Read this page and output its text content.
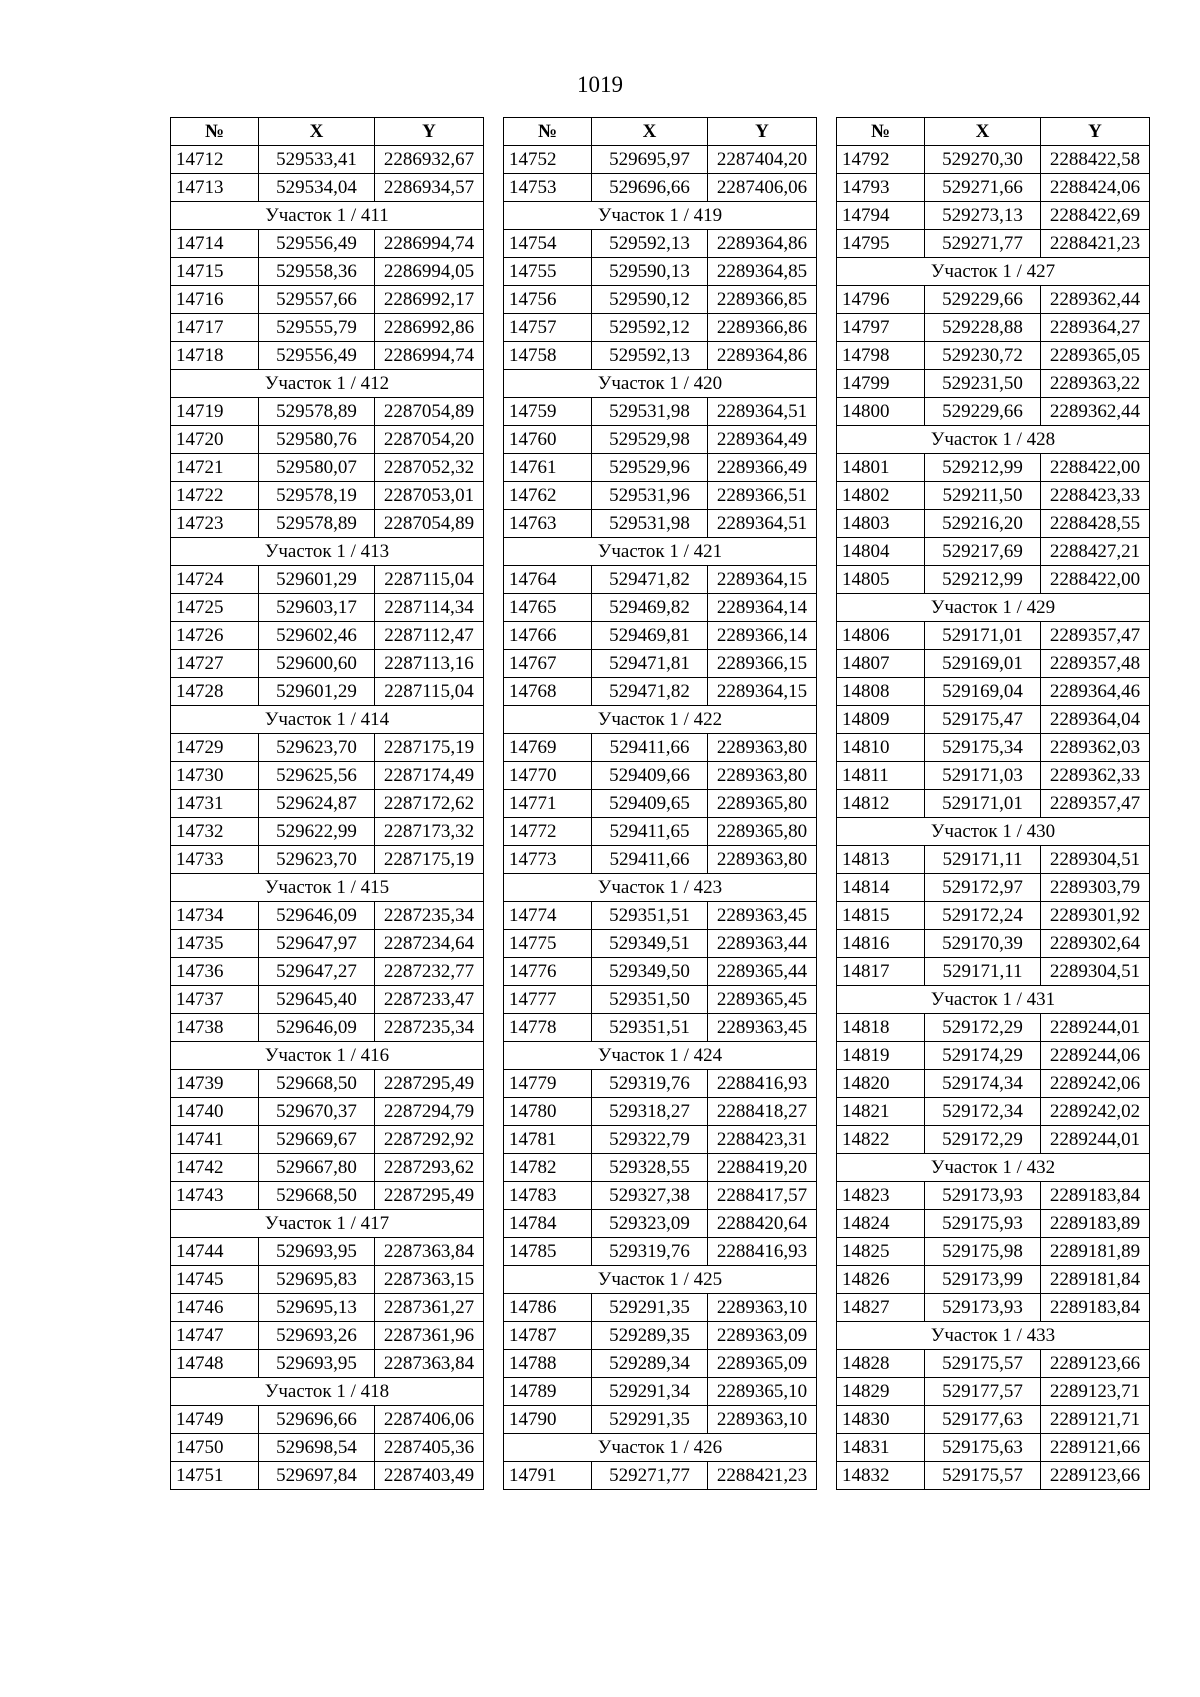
1019
№	X	Y
14712	529533,41	2286932,67
14713	529534,04	2286934,57
Участок 1 / 411		
14714	529556,49	2286994,74
14715	529558,36	2286994,05
14716	529557,66	2286992,17
14717	529555,79	2286992,86
14718	529556,49	2286994,74
Участок 1 / 412		
14719	529578,89	2287054,89
14720	529580,76	2287054,20
14721	529580,07	2287052,32
14722	529578,19	2287053,01
14723	529578,89	2287054,89
Участок 1 / 413		
14724	529601,29	2287115,04
14725	529603,17	2287114,34
14726	529602,46	2287112,47
14727	529600,60	2287113,16
14728	529601,29	2287115,04
Участок 1 / 414		
14729	529623,70	2287175,19
14730	529625,56	2287174,49
14731	529624,87	2287172,62
14732	529622,99	2287173,32
14733	529623,70	2287175,19
Участок 1 / 415		
14734	529646,09	2287235,34
14735	529647,97	2287234,64
14736	529647,27	2287232,77
14737	529645,40	2287233,47
14738	529646,09	2287235,34
Участок 1 / 416		
14739	529668,50	2287295,49
14740	529670,37	2287294,79
14741	529669,67	2287292,92
14742	529667,80	2287293,62
14743	529668,50	2287295,49
Участок 1 / 417		
14744	529693,95	2287363,84
14745	529695,83	2287363,15
14746	529695,13	2287361,27
14747	529693,26	2287361,96
14748	529693,95	2287363,84
Участок 1 / 418		
14749	529696,66	2287406,06
14750	529698,54	2287405,36
14751	529697,84	2287403,49
№	X	Y
14752	529695,97	2287404,20
14753	529696,66	2287406,06
Участок 1 / 419		
14754	529592,13	2289364,86
14755	529590,13	2289364,85
14756	529590,12	2289366,85
14757	529592,12	2289366,86
14758	529592,13	2289364,86
Участок 1 / 420		
14759	529531,98	2289364,51
14760	529529,98	2289364,49
14761	529529,96	2289366,49
14762	529531,96	2289366,51
14763	529531,98	2289364,51
Участок 1 / 421		
14764	529471,82	2289364,15
14765	529469,82	2289364,14
14766	529469,81	2289366,14
14767	529471,81	2289366,15
14768	529471,82	2289364,15
Участок 1 / 422		
14769	529411,66	2289363,80
14770	529409,66	2289363,80
14771	529409,65	2289365,80
14772	529411,65	2289365,80
14773	529411,66	2289363,80
Участок 1 / 423		
14774	529351,51	2289363,45
14775	529349,51	2289363,44
14776	529349,50	2289365,44
14777	529351,50	2289365,45
14778	529351,51	2289363,45
Участок 1 / 424		
14779	529319,76	2288416,93
14780	529318,27	2288418,27
14781	529322,79	2288423,31
14782	529328,55	2288419,20
14783	529327,38	2288417,57
14784	529323,09	2288420,64
14785	529319,76	2288416,93
Участок 1 / 425		
14786	529291,35	2289363,10
14787	529289,35	2289363,09
14788	529289,34	2289365,09
14789	529291,34	2289365,10
14790	529291,35	2289363,10
Участок 1 / 426		
14791	529271,77	2288421,23
№	X	Y
14792	529270,30	2288422,58
14793	529271,66	2288424,06
14794	529273,13	2288422,69
14795	529271,77	2288421,23
Участок 1 / 427		
14796	529229,66	2289362,44
14797	529228,88	2289364,27
14798	529230,72	2289365,05
14799	529231,50	2289363,22
14800	529229,66	2289362,44
Участок 1 / 428		
14801	529212,99	2288422,00
14802	529211,50	2288423,33
14803	529216,20	2288428,55
14804	529217,69	2288427,21
14805	529212,99	2288422,00
Участок 1 / 429		
14806	529171,01	2289357,47
14807	529169,01	2289357,48
14808	529169,04	2289364,46
14809	529175,47	2289364,04
14810	529175,34	2289362,03
14811	529171,03	2289362,33
14812	529171,01	2289357,47
Участок 1 / 430		
14813	529171,11	2289304,51
14814	529172,97	2289303,79
14815	529172,24	2289301,92
14816	529170,39	2289302,64
14817	529171,11	2289304,51
Участок 1 / 431		
14818	529172,29	2289244,01
14819	529174,29	2289244,06
14820	529174,34	2289242,06
14821	529172,34	2289242,02
14822	529172,29	2289244,01
Участок 1 / 432		
14823	529173,93	2289183,84
14824	529175,93	2289183,89
14825	529175,98	2289181,89
14826	529173,99	2289181,84
14827	529173,93	2289183,84
Участок 1 / 433		
14828	529175,57	2289123,66
14829	529177,57	2289123,71
14830	529177,63	2289121,71
14831	529175,63	2289121,66
14832	529175,57	2289123,66
